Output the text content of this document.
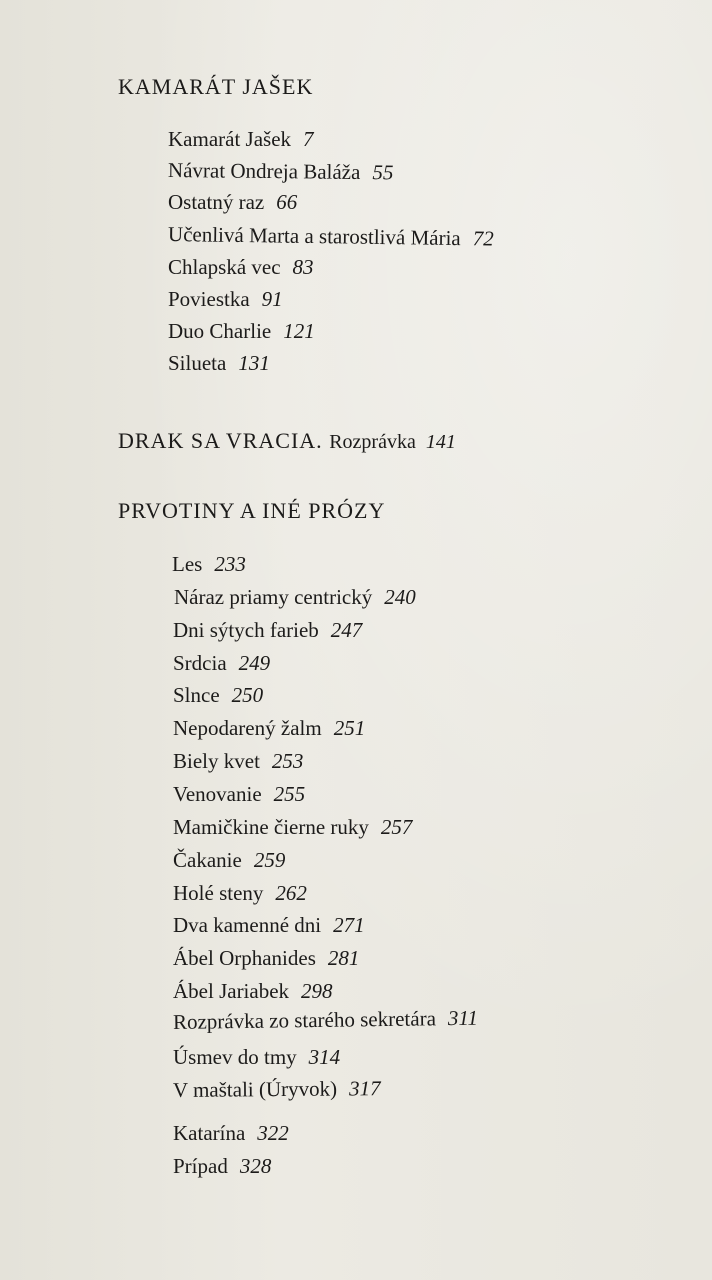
KAMARÁT JAŠEK
Kamarát Jašek 7
Návrat Ondreja Baláža 55
Ostatný raz 66
Učenlivá Marta a starostlivá Mária 72
Chlapská vec 83
Poviestka 91
Duo Charlie 121
Silueta 131
DRAK SA VRACIA. Rozprávka 141
PRVOTINY A INÉ PRÓZY
Les 233
Náraz priamy centrický 240
Dni sýtych farieb 247
Srdcia 249
Slnce 250
Nepodarený žalm 251
Biely kvet 253
Venovanie 255
Mamičkine čierne ruky 257
Čakanie 259
Holé steny 262
Dva kamenné dni 271
Ábel Orphanides 281
Ábel Jariabek 298
Rozprávka zo starého sekretára 311
Úsmev do tmy 314
V maštali (Úryvok) 317
Katarína 322
Prípad 328
